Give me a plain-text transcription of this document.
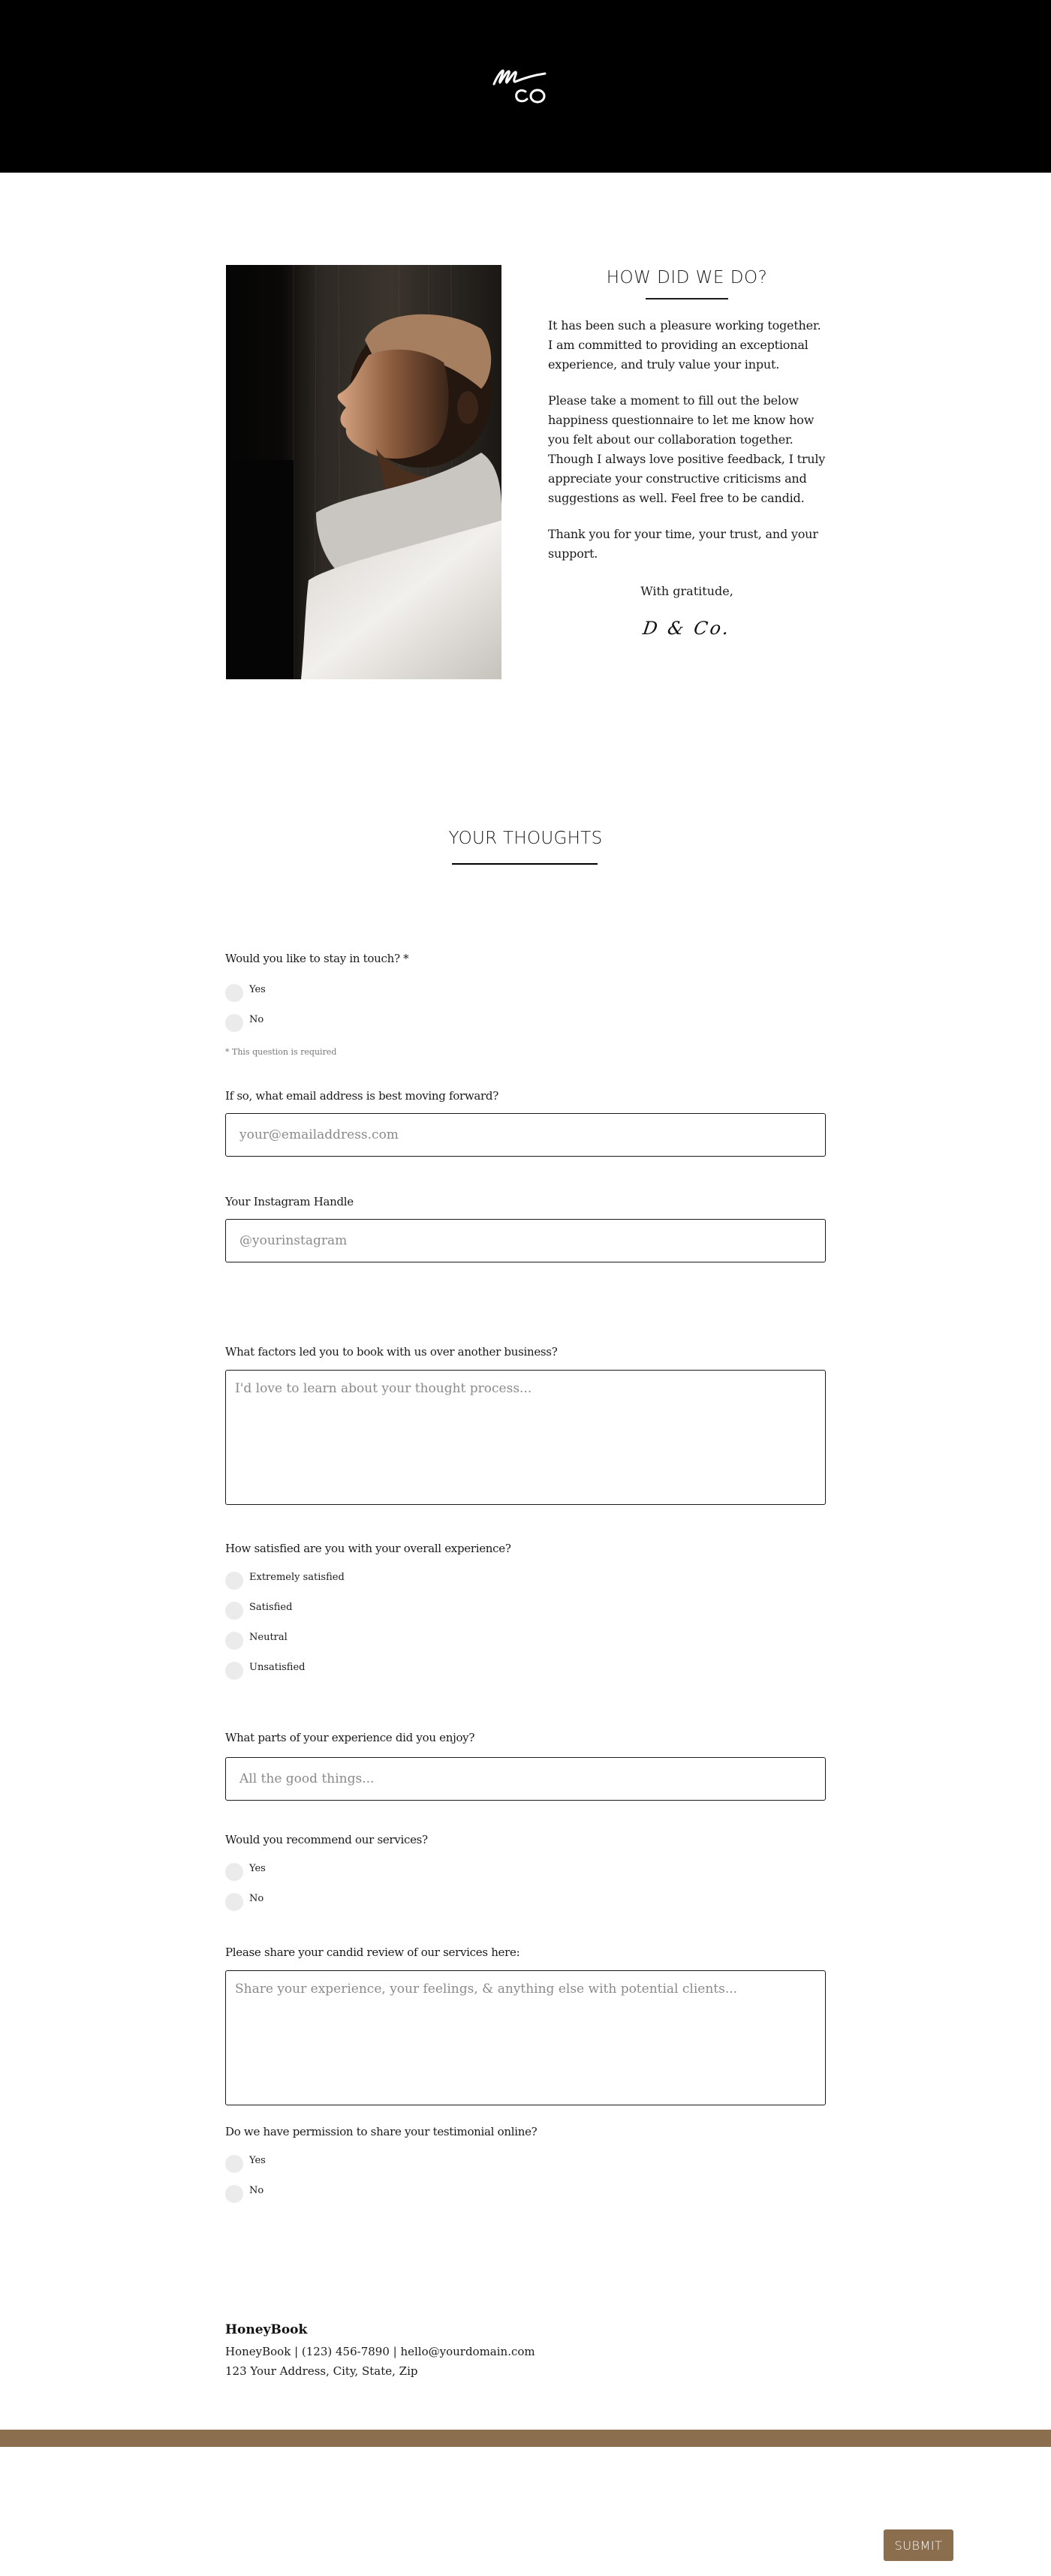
HOW DID WE DO?

It has been such a pleasure working together. I am committed to providing an exceptional experience, and truly value your input.

Please take a moment to fill out the below happiness questionnaire to let me know how you felt about our collaboration together. Though I always love positive feedback, I truly appreciate your constructive criticisms and suggestions as well. Feel free to be candid.

Thank you for your time, your trust, and your support.

With gratitude,

D & Co.

YOUR THOUGHTS
Would you like to stay in touch? *
Yes
No
* This question is required
If so, what email address is best moving forward?
your@emailaddress.com
Your Instagram Handle
@yourinstagram
What factors led you to book with us over another business?
I'd love to learn about your thought process...
How satisfied are you with your overall experience?
Extremely satisfied
Satisfied
Neutral
Unsatisfied
What parts of your experience did you enjoy?
All the good things...
Would you recommend our services?
Yes
No
Please share your candid review of our services here:
Share your experience, your feelings, & anything else with potential clients...
Do we have permission to share your testimonial online?
Yes
No
HoneyBook
HoneyBook | (123) 456-7890 | hello@yourdomain.com
123 Your Address, City, State, Zip
SUBMIT
